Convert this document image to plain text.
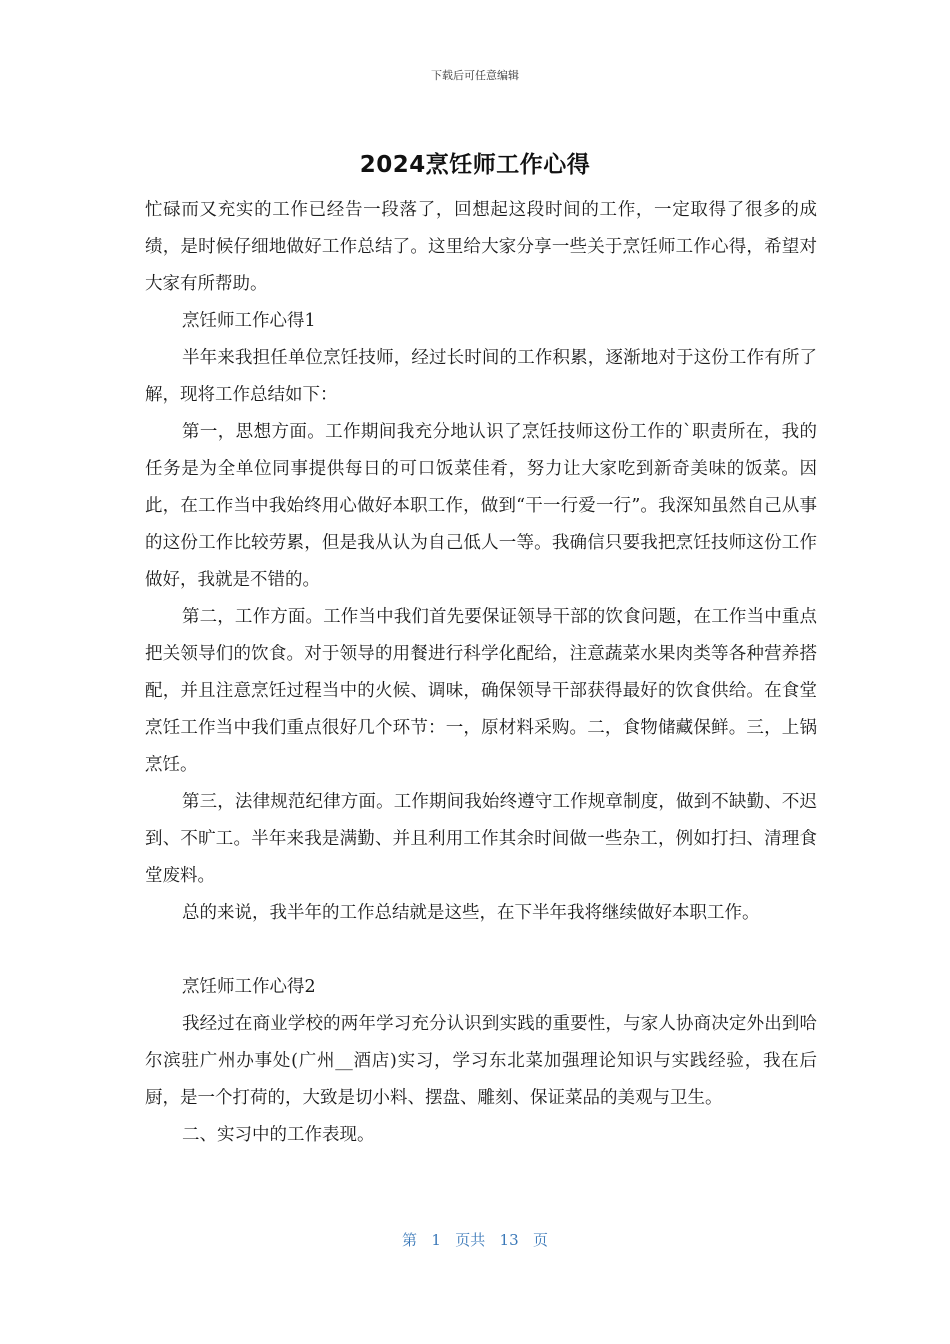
下载后可任意编辑
2024烹饪师工作心得

忙碌而又充实的工作已经告一段落了，回想起这段时间的工作，一定取得了很多的成绩，是时候仔细地做好工作总结了。这里给大家分享一些关于烹饪师工作心得，希望对大家有所帮助。

烹饪师工作心得1

半年来我担任单位烹饪技师，经过长时间的工作积累，逐渐地对于这份工作有所了解，现将工作总结如下：

第一，思想方面。工作期间我充分地认识了烹饪技师这份工作的`职责所在，我的任务是为全单位同事提供每日的可口饭菜佳肴，努力让大家吃到新奇美味的饭菜。因此，在工作当中我始终用心做好本职工作，做到“干一行爱一行”。我深知虽然自己从事的这份工作比较劳累，但是我从认为自己低人一等。我确信只要我把烹饪技师这份工作做好，我就是不错的。

第二，工作方面。工作当中我们首先要保证领导干部的饮食问题，在工作当中重点把关领导们的饮食。对于领导的用餐进行科学化配给，注意蔬菜水果肉类等各种营养搭配，并且注意烹饪过程当中的火候、调味，确保领导干部获得最好的饮食供给。在食堂烹饪工作当中我们重点很好几个环节：一，原材料采购。二，食物储藏保鲜。三，上锅烹饪。

第三，法律规范纪律方面。工作期间我始终遵守工作规章制度，做到不缺勤、不迟到、不旷工。半年来我是满勤、并且利用工作其余时间做一些杂工，例如打扫、清理食堂废料。

总的来说，我半年的工作总结就是这些，在下半年我将继续做好本职工作。

烹饪师工作心得2

我经过在商业学校的两年学习充分认识到实践的重要性，与家人协商决定外出到哈尔滨驻广州办事处(广州__酒店)实习，学习东北菜加强理论知识与实践经验，我在后厨，是一个打荷的，大致是切小料、摆盘、雕刻、保证菜品的美观与卫生。

二、实习中的工作表现。

第 1 页共 13 页
